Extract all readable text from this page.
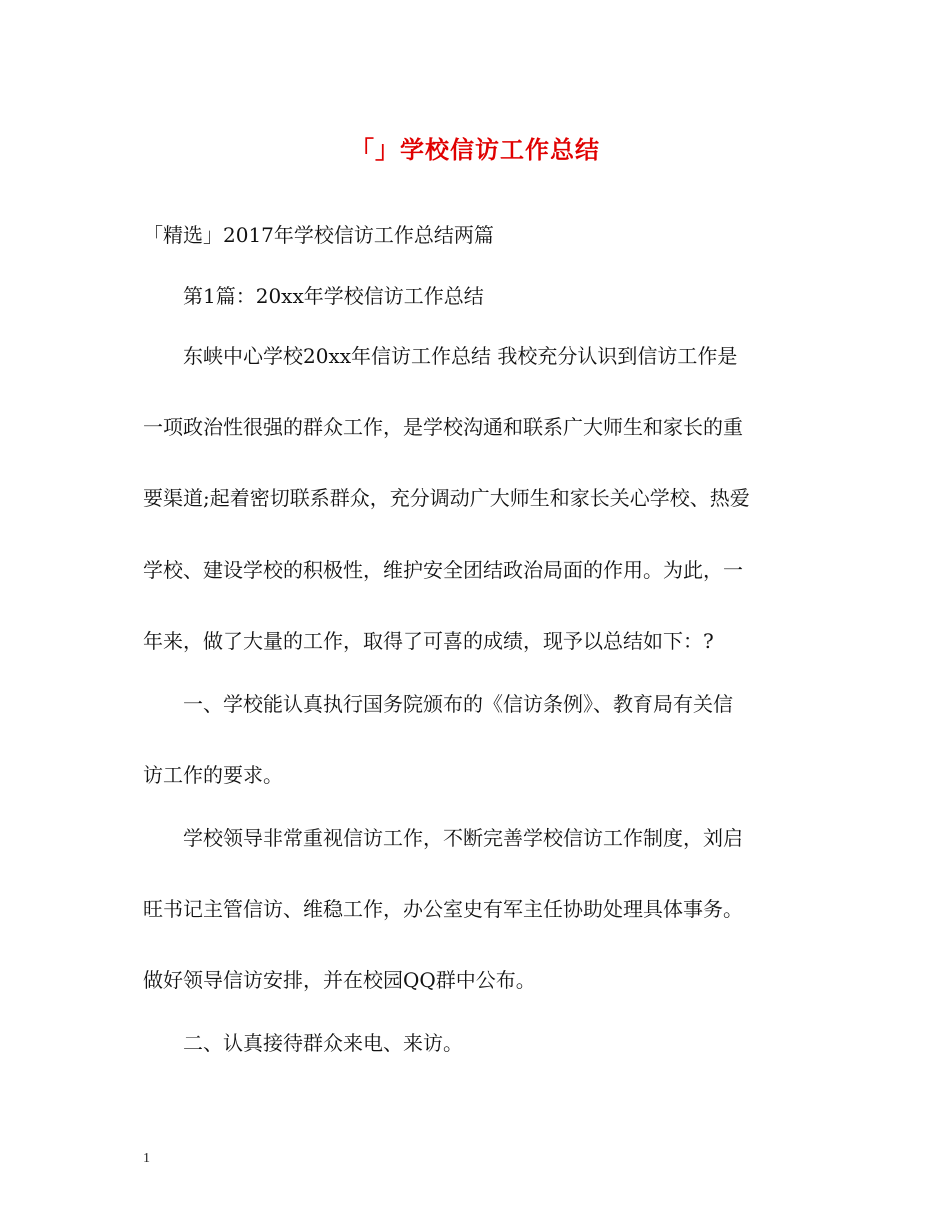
「」学校信访工作总结
「精选」2017年学校信访工作总结两篇
　　第1篇：20xx年学校信访工作总结
　　东峡中心学校20xx年信访工作总结 我校充分认识到信访工作是
一项政治性很强的群众工作，是学校沟通和联系广大师生和家长的重
要渠道;起着密切联系群众，充分调动广大师生和家长关心学校、热爱
学校、建设学校的积极性，维护安全团结政治局面的作用。为此，一
年来，做了大量的工作，取得了可喜的成绩，现予以总结如下：?
　　一、学校能认真执行国务院颁布的《信访条例》、教育局有关信
访工作的要求。
　　学校领导非常重视信访工作，不断完善学校信访工作制度，刘启
旺书记主管信访、维稳工作，办公室史有军主任协助处理具体事务。
做好领导信访安排，并在校园QQ群中公布。
　　二、认真接待群众来电、来访。
1
